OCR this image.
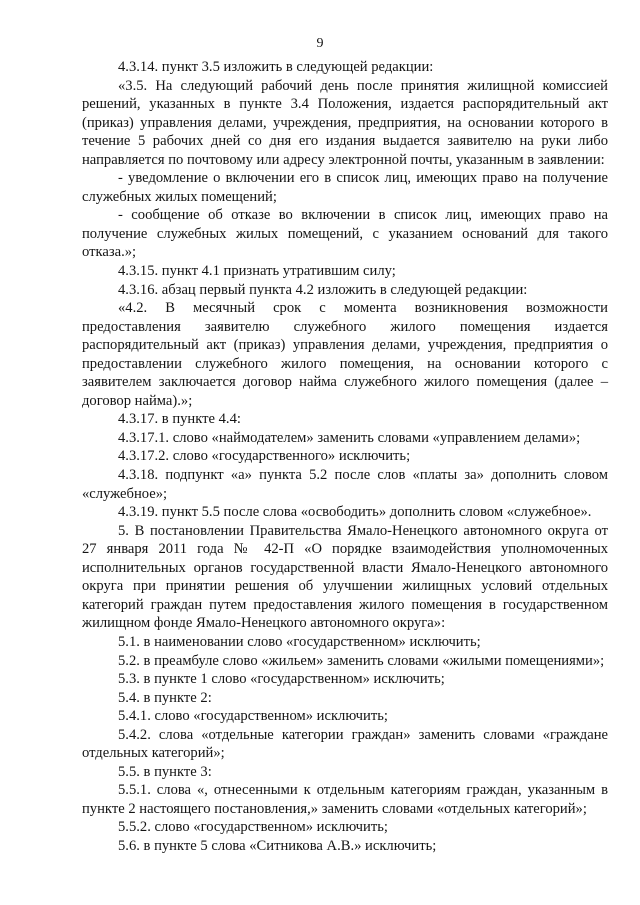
9

4.3.14. пункт 3.5 изложить в следующей редакции:

«3.5. На следующий рабочий день после принятия жилищной комиссией решений, указанных в пункте 3.4 Положения, издается распорядительный акт (приказ) управления делами, учреждения, предприятия, на основании которого в течение 5 рабочих дней со дня его издания выдается заявителю на руки либо направляется по почтовому или адресу электронной почты, указанным в заявлении:

- уведомление о включении его в список лиц, имеющих право на получение служебных жилых помещений;

- сообщение об отказе во включении в список лиц, имеющих право на получение служебных жилых помещений, с указанием оснований для такого отказа.»;

4.3.15. пункт 4.1 признать утратившим силу;

4.3.16. абзац первый пункта 4.2 изложить в следующей редакции:

«4.2. В месячный срок с момента возникновения возможности предоставления заявителю служебного жилого помещения издается распорядительный акт (приказ) управления делами, учреждения, предприятия о предоставлении служебного жилого помещения, на основании которого с заявителем заключается договор найма служебного жилого помещения (далее – договор найма).»;

4.3.17. в пункте 4.4:

4.3.17.1. слово «наймодателем» заменить словами «управлением делами»;

4.3.17.2. слово «государственного» исключить;

4.3.18. подпункт «а» пункта 5.2 после слов «платы за» дополнить словом «служебное»;

4.3.19. пункт 5.5 после слова «освободить» дополнить словом «служебное».

5. В постановлении Правительства Ямало-Ненецкого автономного округа от 27 января 2011 года № 42-П «О порядке взаимодействия уполномоченных исполнительных органов государственной власти Ямало-Ненецкого автономного округа при принятии решения об улучшении жилищных условий отдельных категорий граждан путем предоставления жилого помещения в государственном жилищном фонде Ямало-Ненецкого автономного округа»:

5.1. в наименовании слово «государственном» исключить;

5.2. в преамбуле слово «жильем» заменить словами «жилыми помещениями»;

5.3. в пункте 1 слово «государственном» исключить;

5.4. в пункте 2:

5.4.1. слово «государственном» исключить;

5.4.2. слова «отдельные категории граждан» заменить словами «граждане отдельных категорий»;

5.5. в пункте 3:

5.5.1. слова «, отнесенными к отдельным категориям граждан, указанным в пункте 2 настоящего постановления,» заменить словами «отдельных категорий»;

5.5.2. слово «государственном» исключить;

5.6. в пункте 5 слова «Ситникова А.В.» исключить;
